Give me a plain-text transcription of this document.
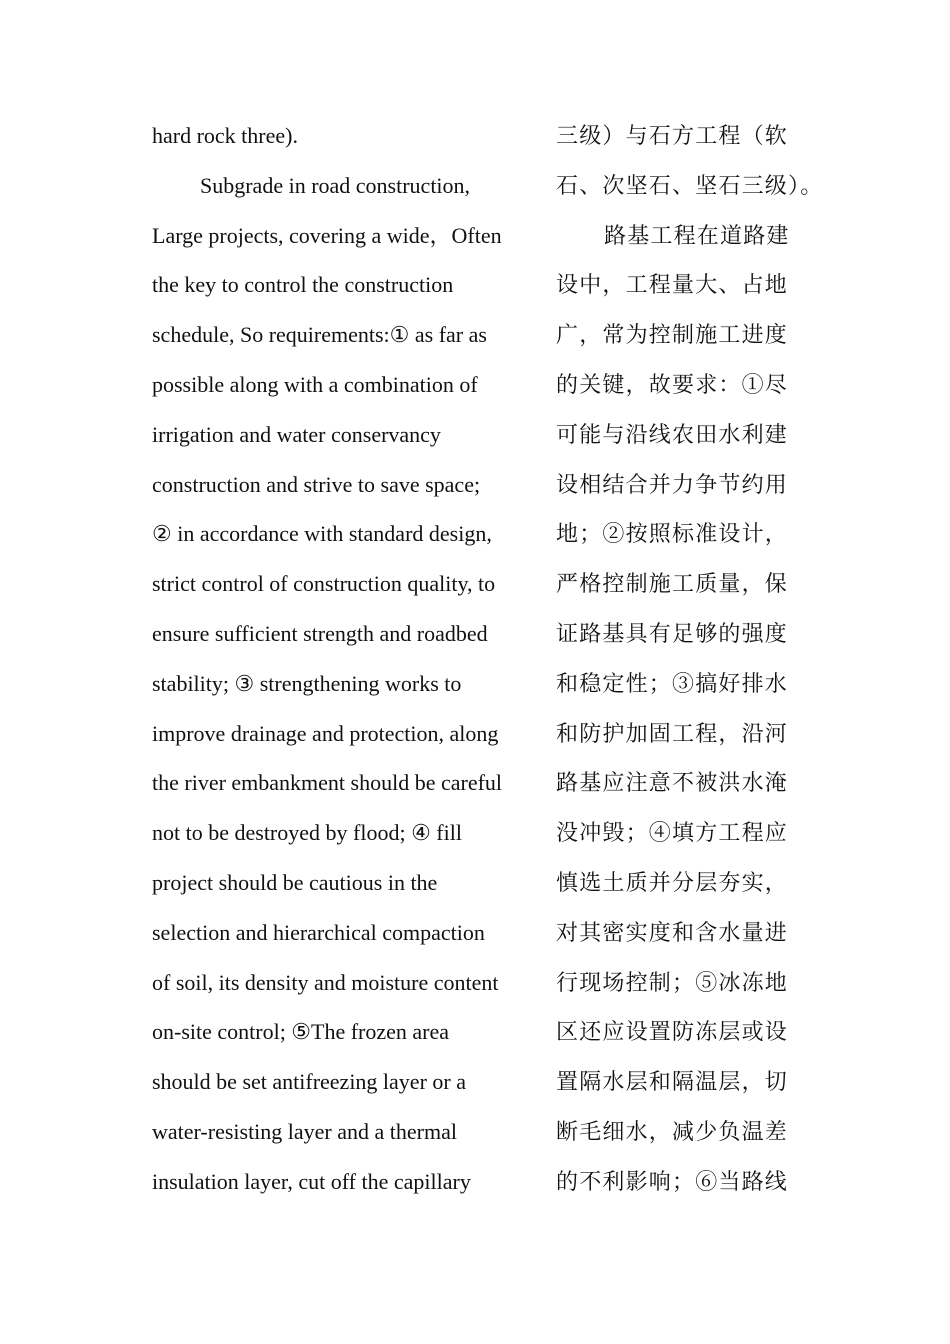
hard rock three).
Subgrade in road construction,
Large projects, covering a wide，Often
the key to control the construction
schedule, So requirements:① as far as
possible along with a combination of
irrigation and water conservancy
construction and strive to save space;
② in accordance with standard design,
strict control of construction quality, to
ensure sufficient strength and roadbed
stability; ③ strengthening works to
improve drainage and protection, along
the river embankment should be careful
not to be destroyed by flood; ④ fill
project should be cautious in the
selection and hierarchical compaction
of soil, its density and moisture content
on-site control; ⑤The frozen area
should be set antifreezing layer or a
water-resisting layer and a thermal
insulation layer, cut off the capillary
三级）与石方工程（软
石、次坚石、坚石三级）。
路基工程在道路建
设中，工程量大、占地
广，常为控制施工进度
的关键，故要求：①尽
可能与沿线农田水利建
设相结合并力争节约用
地；②按照标准设计，
严格控制施工质量，保
证路基具有足够的强度
和稳定性；③搞好排水
和防护加固工程，沿河
路基应注意不被洪水淹
没冲毁；④填方工程应
慎选土质并分层夯实，
对其密实度和含水量进
行现场控制；⑤冰冻地
区还应设置防冻层或设
置隔水层和隔温层，切
断毛细水，减少负温差
的不利影响；⑥当路线
